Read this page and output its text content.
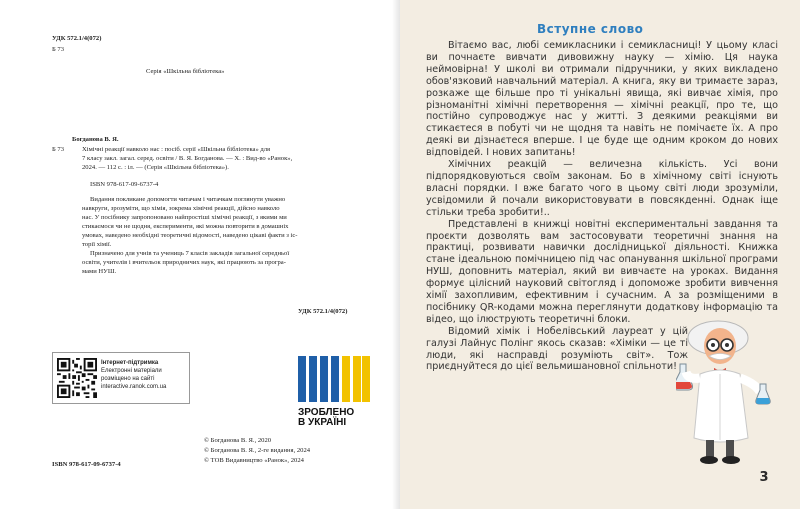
УДК 572.1/4(072)
Б 73
Серія «Шкільна бібліотека»
Богданова В. Я.
Б 73	Хімічні реакції навколо нас : посіб. серії «Шкільна бібліотека» для
7 класу закл. загал. серед. освіти / В. Я. Богданова. — Х. : Вид-во «Ранок»,
2024. — 112 с. : іл. — (Серія «Шкільна бібліотека»).
ISBN 978-617-09-6737-4
Видання покликане допомогти читачам і читачкам поглянути уважно
навкруги, зрозуміти, що хімія, зокрема хімічні реакції, дійсно навколо
нас. У посібнику запропоновано найпростіші хімічні реакції, з якими ми
стикаємося чи не щодня, експерименти, які можна повторити в домашніх
умовах, наведено необхідні теоретичні відомості, наведено цікаві факти з іс-
торії хімії.
Призначено для учнів та учениць 7 класів закладів загальної середньої
освіти, учителів і вчительок природничих наук, які працюють за програ-
мами НУШ.
УДК 572.1/4(072)
Інтернет-підтримка
Електронні матеріали
розміщено на сайті
interactive.ranok.com.ua
ЗРОБЛЕНО
В УКРАЇНІ
© Богданова В. Я., 2020
© Богданова В. Я., 2-ге видання, 2024
© ТОВ Видавництво «Ранок», 2024
ISBN 978-617-09-6737-4
Вступне слово

Вітаємо вас, любі семикласники і семикласниці! У цьому класі ви почнаєте вивчати дивовижну науку — хімію. Ця наука неймовірна! У школі ви отримали підручники, у яких викладено обов'язковий навчальний матеріал. А книга, яку ви тримаєте зараз, розкаже ще більше про ті унікальні явища, які вивчає хімія, про різноманітні хімічні перетворення — хімічні реакції, про те, що постійно супроводжує нас у житті. З деякими реакціями ви стикаєтеся в побуті чи не щодня та навіть не помічаєте їх. А про деякі ви дізнаєтеся вперше. І це буде ще одним кроком до нових відповідей. І нових запитань!

Хімічних реакцій — величезна кількість. Усі вони підпорядковуються своїм законам. Бо в хімічному світі існують власні порядки. І вже багато чого в цьому світі люди зрозуміли, усвідомили й почали використовувати в повсякденні. Однак іще стільки треба зробити!..

Представлені в книжці новітні експериментальні завдання та проєкти дозволять вам застосовувати теоретичні знання на практиці, розвивати навички дослідницької діяльності. Книжка стане ідеальною помічницею під час опанування шкільної програми НУШ, доповнить матеріал, який ви вивчаєте на уроках. Видання формує цілісний науковий світогляд і допоможе зробити вивчення хімії захопливим, ефективним і сучасним. А за розміщеними в посібнику QR-кодами можна переглянути додаткову інформацію та відео, що ілюструють теоретичні блоки.

Відомий хімік і Нобелівський лауреат у цій галузі Лайнус Полінг якось сказав: «Хіміки — це ті люди, які насправді розуміють світ». Тож приєднуйтеся до цієї вельмишановної спільноти!

3
